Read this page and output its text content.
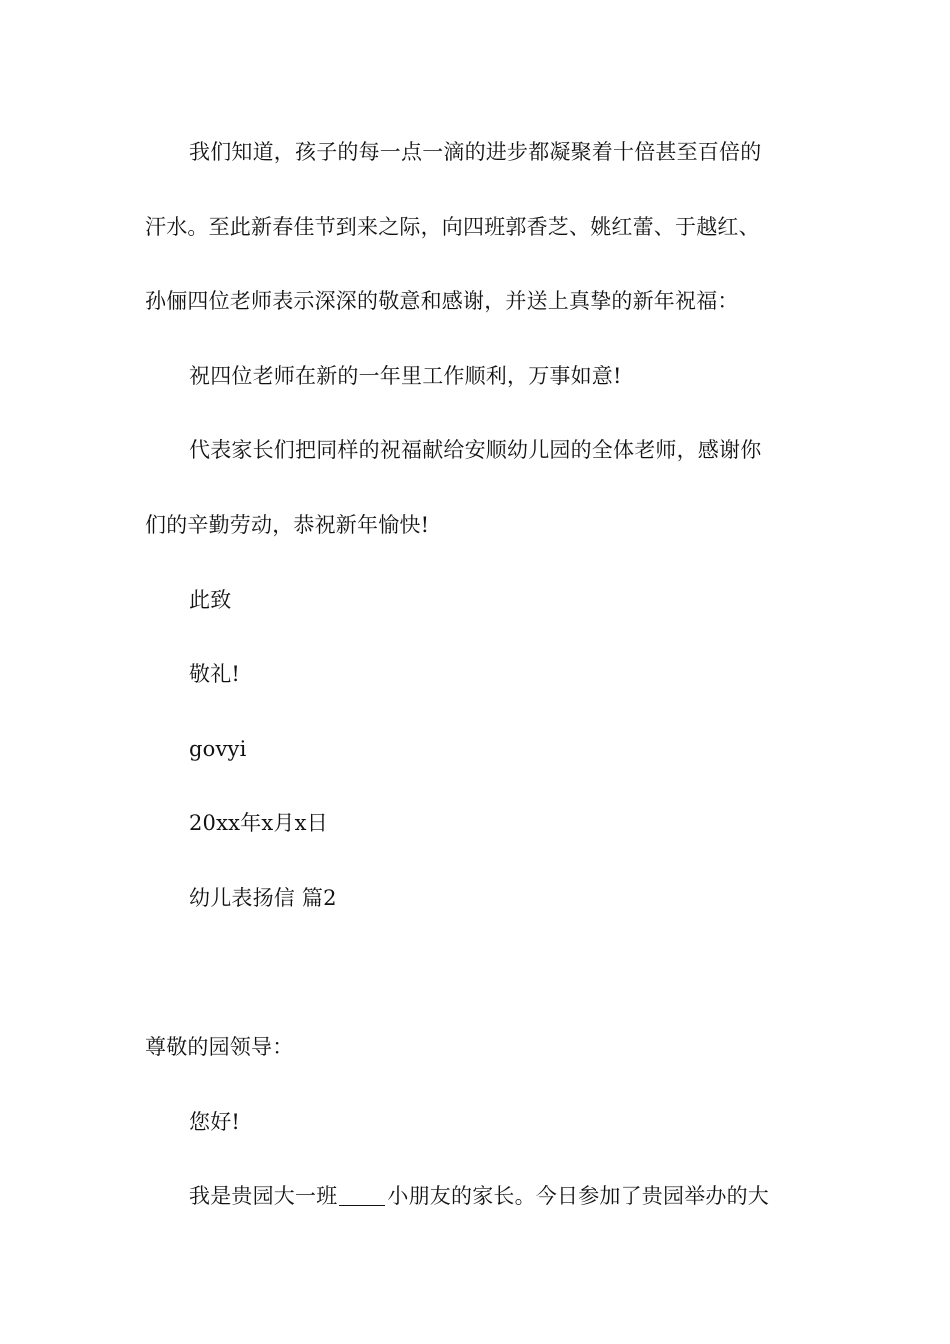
我们知道，孩子的每一点一滴的进步都凝聚着十倍甚至百倍的
汗水。至此新春佳节到来之际，向四班郭香芝、姚红蕾、于越红、
孙俪四位老师表示深深的敬意和感谢，并送上真挚的新年祝福：
祝四位老师在新的一年里工作顺利，万事如意!
代表家长们把同样的祝福献给安顺幼儿园的全体老师，感谢你
们的辛勤劳动，恭祝新年愉快!
此致
敬礼!
govyi
20xx年x月x日
幼儿表扬信 篇2
尊敬的园领导：
您好!
我是贵园大一班 小朋友的家长。今日参加了贵园举办的大
